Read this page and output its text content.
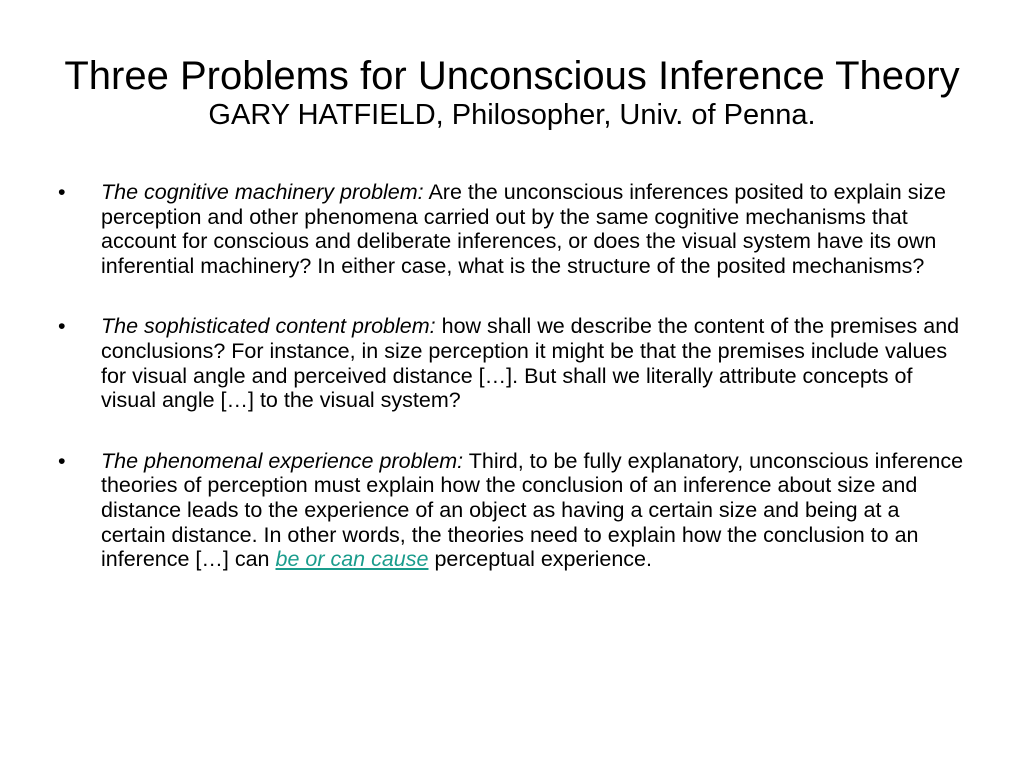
Three Problems for Unconscious Inference Theory

GARY HATFIELD, Philosopher, Univ. of Penna.

• The cognitive machinery problem: Are the unconscious inferences posited to explain size perception and other phenomena carried out by the same cognitive mechanisms that account for conscious and deliberate inferences, or does the visual system have its own inferential machinery? In either case, what is the structure of the posited mechanisms?
• The sophisticated content problem: how shall we describe the content of the premises and conclusions? For instance, in size perception it might be that the premises include values for visual angle and perceived distance […]. But shall we literally attribute concepts of visual angle […] to the visual system?
• The phenomenal experience problem: Third, to be fully explanatory, unconscious inference theories of perception must explain how the conclusion of an inference about size and distance leads to the experience of an object as having a certain size and being at a certain distance. In other words, the theories need to explain how the conclusion to an inference […] can be or can cause perceptual experience.
